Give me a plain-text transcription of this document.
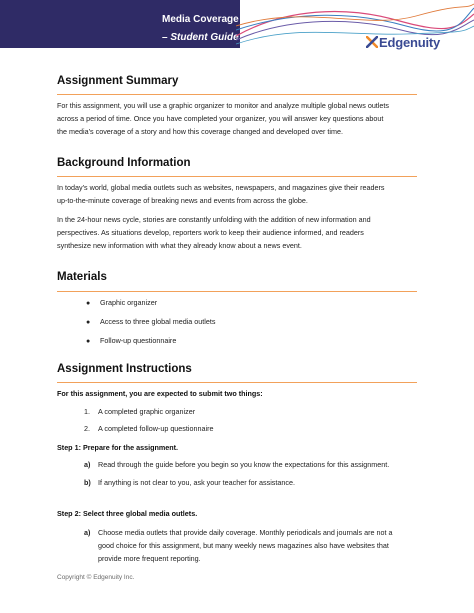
Media Coverage
– Student Guide	Edgenuity
Assignment Summary

For this assignment, you will use a graphic organizer to monitor and analyze multiple global news outlets

across a period of time. Once you have completed your organizer, you will answer key questions about

the media’s coverage of a story and how this coverage changed and developed over time.

Background Information

In today’s world, global media outlets such as websites, newspapers, and magazines give their readers

up-to-the-minute coverage of breaking news and events from across the globe.

In the 24-hour news cycle, stories are constantly unfolding with the addition of new information and

perspectives. As situations develop, reporters work to keep their audience informed, and readers

synthesize new information with what they already know about a news event.

Materials
● Graphic organizer
● Access to three global media outlets
● Follow-up questionnaire
Assignment Instructions
For this assignment, you are expected to submit two things:
1. A completed graphic organizer
2. A completed follow-up questionnaire
Step 1: Prepare for the assignment.
a) Read through the guide before you begin so you know the expectations for this assignment.
b) If anything is not clear to you, ask your teacher for assistance.
Step 2: Select three global media outlets.
a) Choose media outlets that provide daily coverage. Monthly periodicals and journals are not a
good choice for this assignment, but many weekly news magazines also have websites that
provide more frequent reporting.
Copyright © Edgenuity Inc.
